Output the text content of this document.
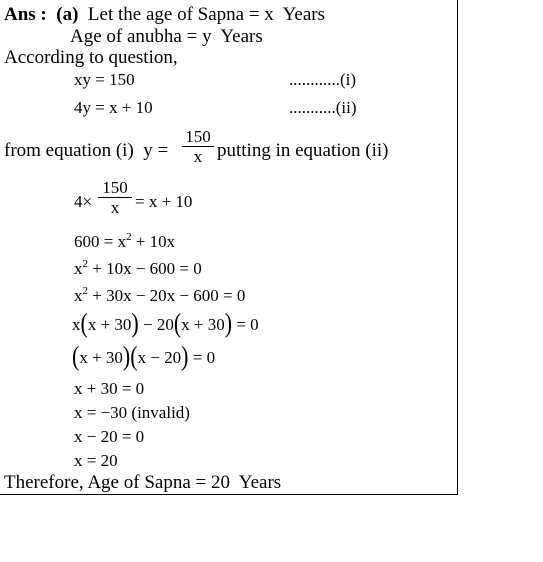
Ans : (a) Let the age of Sapna = x  Years
Age of anubha = y  Years
According to question,
xy = 150	............(i)
4y = x + 10	...........(ii)
from equation (i)  y =
150
x putting in equation (ii)
4×
150
x = x + 10
$600 = x^2 + 10x$
$x^2 + 10x - 600 = 0$
$x^2 + 30x - 20x - 600 = 0$
x(x + 30) − 20(x + 30) = 0
(x + 30)(x − 20) = 0
x + 30 = 0
x = −30 (invalid)
x − 20 = 0
x = 20
Therefore, Age of Sapna = 20  Years
